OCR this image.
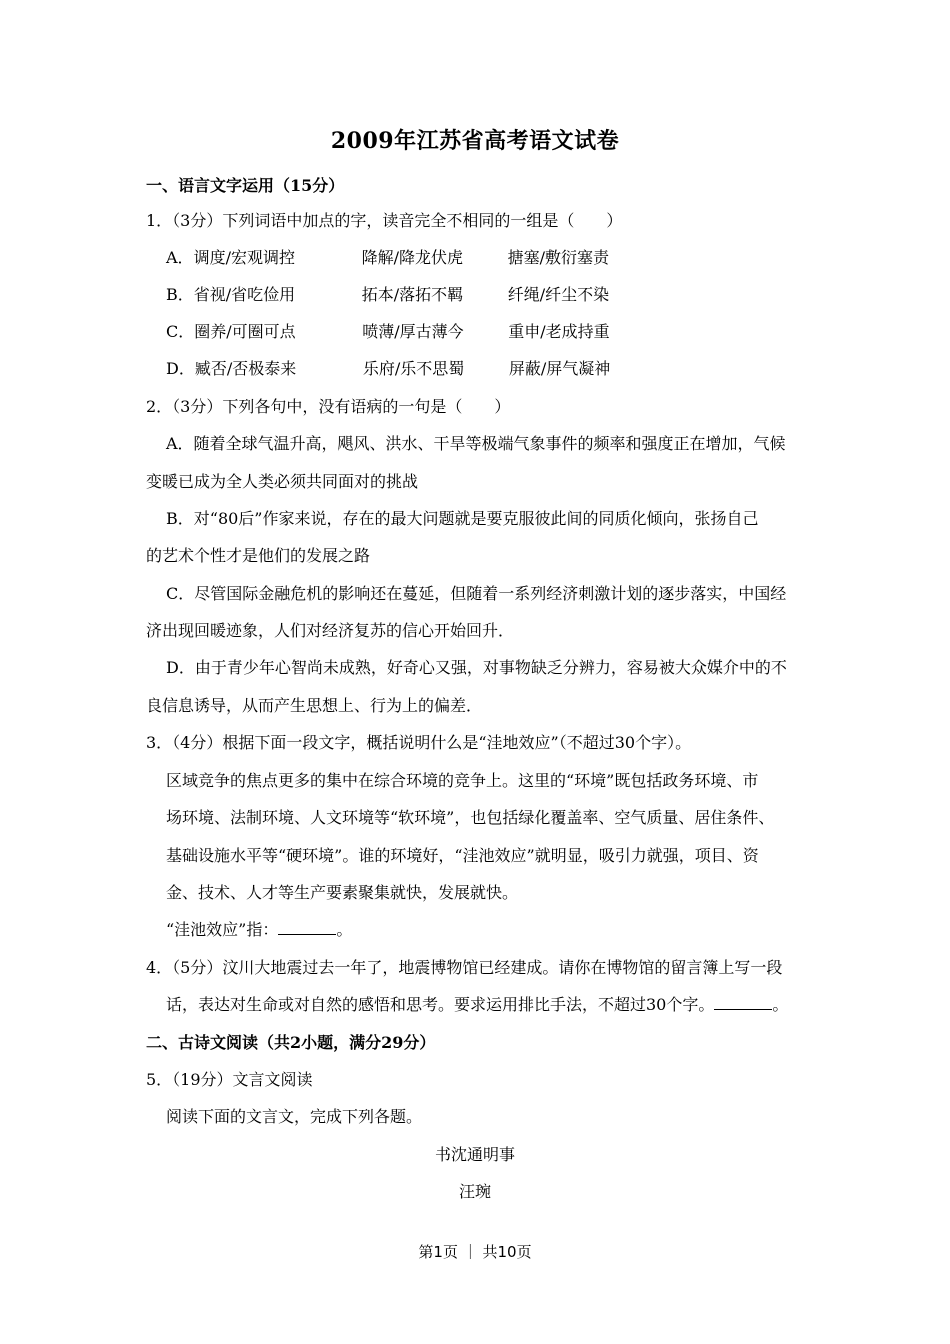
2009年江苏省高考语文试卷
一、语言文字运用（15分）
1．（3分）下列词语中加点的字，读音完全不相同的一组是（　　）
A．调度/宏观调控	降解/降龙伏虎	搪塞/敷衍塞责
B．省视/省吃俭用	拓本/落拓不羁	纤绳/纤尘不染
C．圈养/可圈可点	喷薄/厚古薄今	重申/老成持重
D．臧否/否极泰来	乐府/乐不思蜀	屏蔽/屏气凝神
2．（3分）下列各句中，没有语病的一句是（　　）
A．随着全球气温升高，飓风、洪水、干旱等极端气象事件的频率和强度正在增加，气候
变暖已成为全人类必须共同面对的挑战
B．对“80后”作家来说，存在的最大问题就是要克服彼此间的同质化倾向，张扬自己
的艺术个性才是他们的发展之路
C．尽管国际金融危机的影响还在蔓延，但随着一系列经济刺激计划的逐步落实，中国经
济出现回暖迹象，人们对经济复苏的信心开始回升．
D．由于青少年心智尚未成熟，好奇心又强，对事物缺乏分辨力，容易被大众媒介中的不
良信息诱导，从而产生思想上、行为上的偏差．
3．（4分）根据下面一段文字，概括说明什么是“洼地效应”（不超过30个字）。
区域竞争的焦点更多的集中在综合环境的竞争上。这里的“环境”既包括政务环境、市
场环境、法制环境、人文环境等“软环境”，也包括绿化覆盖率、空气质量、居住条件、
基础设施水平等“硬环境”。谁的环境好，“洼池效应”就明显，吸引力就强，项目、资
金、技术、人才等生产要素聚集就快，发展就快。
“洼池效应”指：	。
4．（5分）汶川大地震过去一年了，地震博物馆已经建成。请你在博物馆的留言簿上写一段
话，表达对生命或对自然的感悟和思考。要求运用排比手法，不超过30个字。	。
二、古诗文阅读（共2小题，满分29分）
5．（19分）文言文阅读
阅读下面的文言文，完成下列各题。
书沈通明事
汪琬
第1页 ｜ 共10页
